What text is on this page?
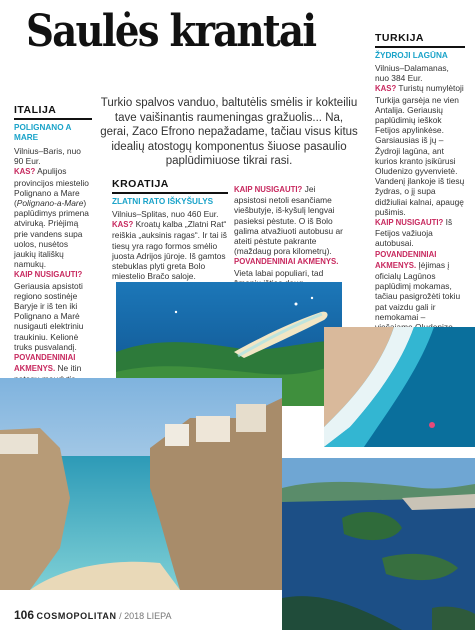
Saulės krantai
Turkio spalvos vanduo, baltutėlis smėlis ir kokteiliu tave vaišinantis raumeningas gražuolis... Na, gerai, Zaco Efrono nepažadame, tačiau visus kitus idealių atostogų komponentus šiuose pasaulio paplūdimiuose tikrai rasi.
ITALIJA
POLIGNANO A MARE

Vilnius–Baris, nuo 90 Eur.

KAS? Apulijos provincijos miestelio Polignano a Mare (Polignano-a-Mare) paplūdimys primena atviruką. Priėjimą prie vandens supa uolos, nusėtos jaukių itališkų namukų.

KAIP NUSIGAUTI? Geriausia apsistoti regiono sostinėje Baryje ir iš ten iki Polignano a Marė nusigauti elektriniu traukiniu. Kelionė truks pusvalandį.

POVANDENINIAI AKMENYS. Ne itin

KROATIJA
ZLATNI RATO IŠKYŠULYS

Vilnius–Splitas, nuo 460 Eur.

KAS? Kroatų kalba „Zlatni Rat“ reiškia „auksinis ragas“. Ir tai iš tiesų yra rago formos smėlio juosta Adrijos jūroje. Iš gamtos stebuklas plyti greta Bolo miestelio Bračo saloje.

KAIP NUSIGAUTI? Jei apsistosi netoli esančiame viešbutyje, iš-kyšulį lengvai pasieksi pėstute. O iš Bolo galima atvažiuoti autobusu ar ateiti pėstute pakrante (maždaug pora kilometrų).

POVANDENINIAI AKMENYS. Vieta labai populiari, tad

TURKIJA
ŽYDROJI LAGŪNA

Vilnius–Dalamanas, nuo 384 Eur.

KAS? Turistų numylėtoji Turkija garsėja ne vien Antalija. Geriausių paplūdimių ieškok Fetijos apylinkėse. Garsiausias iš jų – Žydroji lagūna, ant kurios kranto įsikūrusi Oludenizo gyvenvietė. Vandenį įlankoje iš tiesų žydras, o jį supa didžiuliai kalnai, apaugę pušimis.

KAIP NUSIGAUTI? Iš Fetijos važiuoja autobusai.

POVANDENINIAI AKMENYS. Įėjimas į oficialų Lagūnos paplūdimį mokamas, tačiau pasigrožėti tokiu pat vaizdu gali ir nemokamai –

106 COSMOPOLITAN / 2018 LIEPA
